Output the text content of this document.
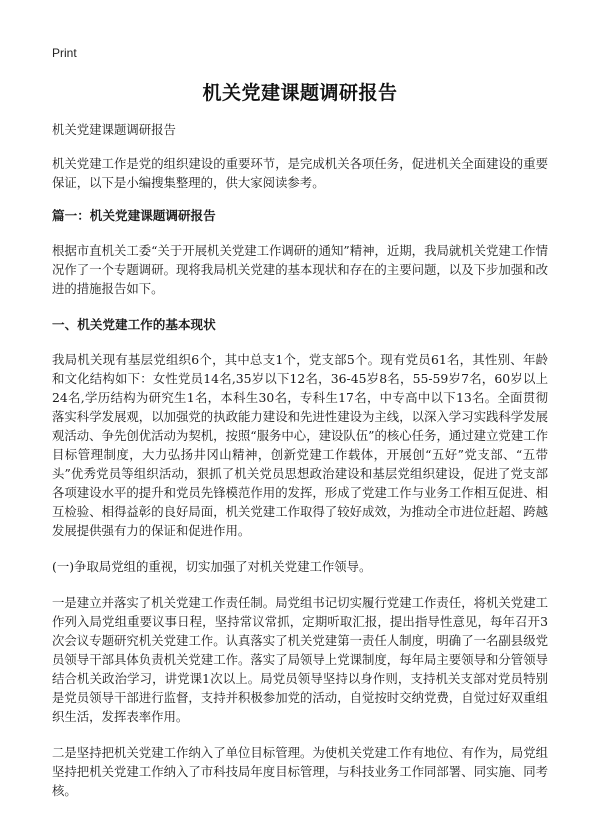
Print
机关党建课题调研报告

机关党建课题调研报告

机关党建工作是党的组织建设的重要环节，是完成机关各项任务，促进机关全面建设的重要保证，以下是小编搜集整理的，供大家阅读参考。

篇一：机关党建课题调研报告

根据市直机关工委“关于开展机关党建工作调研的通知”精神，近期，我局就机关党建工作情况作了一个专题调研。现将我局机关党建的基本现状和存在的主要问题，以及下步加强和改进的措施报告如下。

一、机关党建工作的基本现状

我局机关现有基层党组织6个，其中总支1个，党支部5个。现有党员61名，其性别、年龄和文化结构如下：女性党员14名,35岁以下12名，36-45岁8名，55-59岁7名，60岁以上24名,学历结构为研究生1名，本科生30名，专科生17名，中专高中以下13名。全面贯彻落实科学发展观，以加强党的执政能力建设和先进性建设为主线，以深入学习实践科学发展观活动、争先创优活动为契机，按照“服务中心，建设队伍”的核心任务，通过建立党建工作目标管理制度，大力弘扬井冈山精神，创新党建工作载体，开展创“五好”党支部、“五带头”优秀党员等组织活动，狠抓了机关党员思想政治建设和基层党组织建设，促进了党支部各项建设水平的提升和党员先锋模范作用的发挥，形成了党建工作与业务工作相互促进、相互检验、相得益彰的良好局面，机关党建工作取得了较好成效，为推动全市进位赶超、跨越发展提供强有力的保证和促进作用。

(一)争取局党组的重视，切实加强了对机关党建工作领导。

一是建立并落实了机关党建工作责任制。局党组书记切实履行党建工作责任，将机关党建工作列入局党组重要议事日程，坚持常议常抓，定期听取汇报，提出指导性意见，每年召开3次会议专题研究机关党建工作。认真落实了机关党建第一责任人制度，明确了一名副县级党员领导干部具体负责机关党建工作。落实了局领导上党课制度，每年局主要领导和分管领导结合机关政治学习，讲党课1次以上。局党员领导坚持以身作则，支持机关支部对党员特别是党员领导干部进行监督，支持并积极参加党的活动，自觉按时交纳党费，自觉过好双重组织生活，发挥表率作用。

二是坚持把机关党建工作纳入了单位目标管理。为使机关党建工作有地位、有作为，局党组坚持把机关党建工作纳入了市科技局年度目标管理，与科技业务工作同部署、同实施、同考核。
